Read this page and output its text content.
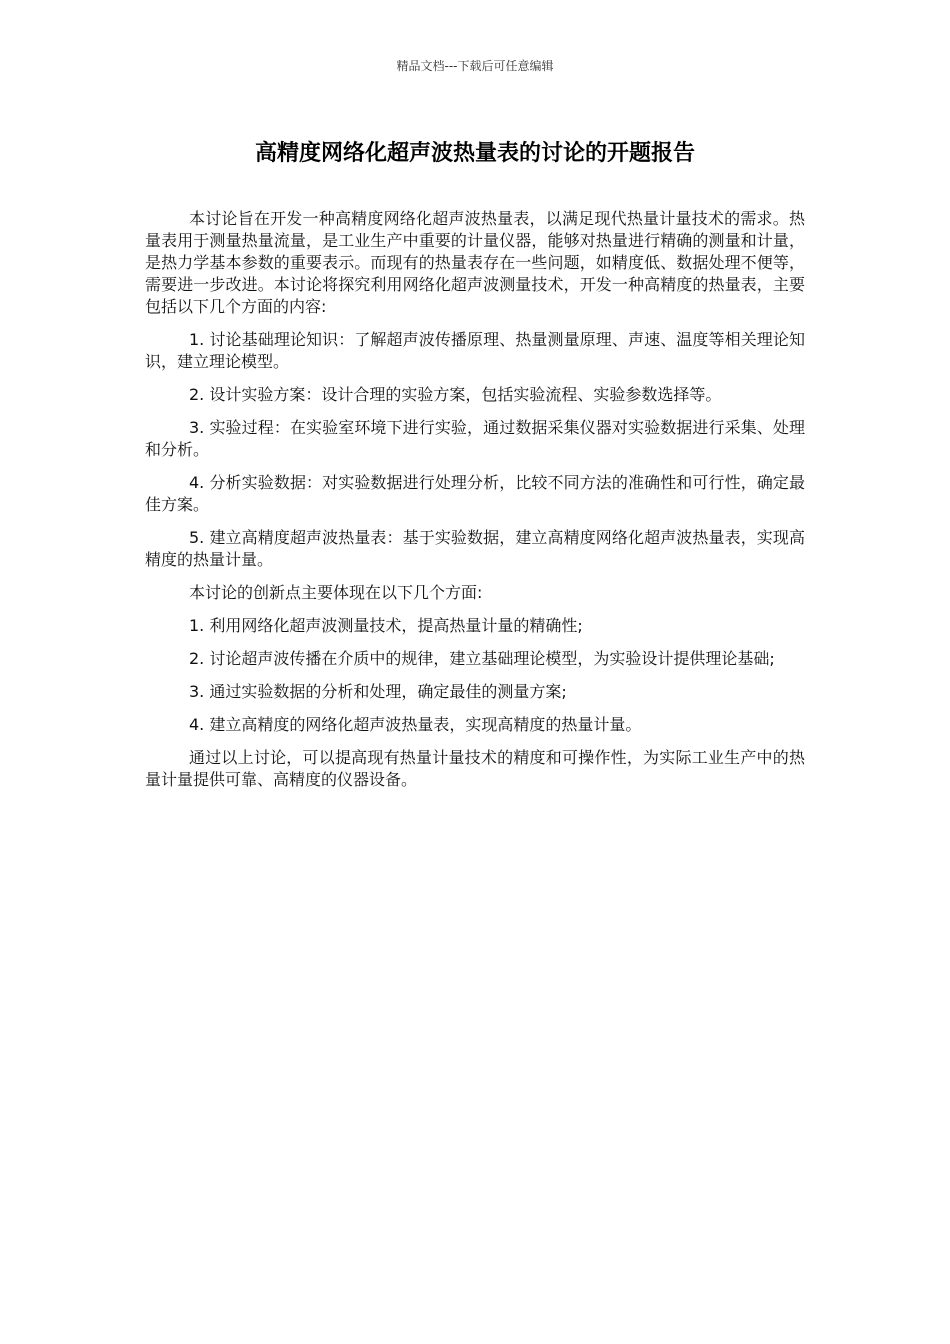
精品文档---下载后可任意编辑
高精度网络化超声波热量表的讨论的开题报告

本讨论旨在开发一种高精度网络化超声波热量表，以满足现代热量计量技术的需求。热量表用于测量热量流量，是工业生产中重要的计量仪器，能够对热量进行精确的测量和计量，是热力学基本参数的重要表示。而现有的热量表存在一些问题，如精度低、数据处理不便等，需要进一步改进。本讨论将探究利用网络化超声波测量技术，开发一种高精度的热量表，主要包括以下几个方面的内容:

1. 讨论基础理论知识：了解超声波传播原理、热量测量原理、声速、温度等相关理论知识，建立理论模型。

2. 设计实验方案：设计合理的实验方案，包括实验流程、实验参数选择等。

3. 实验过程：在实验室环境下进行实验，通过数据采集仪器对实验数据进行采集、处理和分析。

4. 分析实验数据：对实验数据进行处理分析，比较不同方法的准确性和可行性，确定最佳方案。

5. 建立高精度超声波热量表：基于实验数据，建立高精度网络化超声波热量表，实现高精度的热量计量。

本讨论的创新点主要体现在以下几个方面:

1. 利用网络化超声波测量技术，提高热量计量的精确性;

2. 讨论超声波传播在介质中的规律，建立基础理论模型，为实验设计提供理论基础;

3. 通过实验数据的分析和处理，确定最佳的测量方案;

4. 建立高精度的网络化超声波热量表，实现高精度的热量计量。

通过以上讨论，可以提高现有热量计量技术的精度和可操作性，为实际工业生产中的热量计量提供可靠、高精度的仪器设备。
